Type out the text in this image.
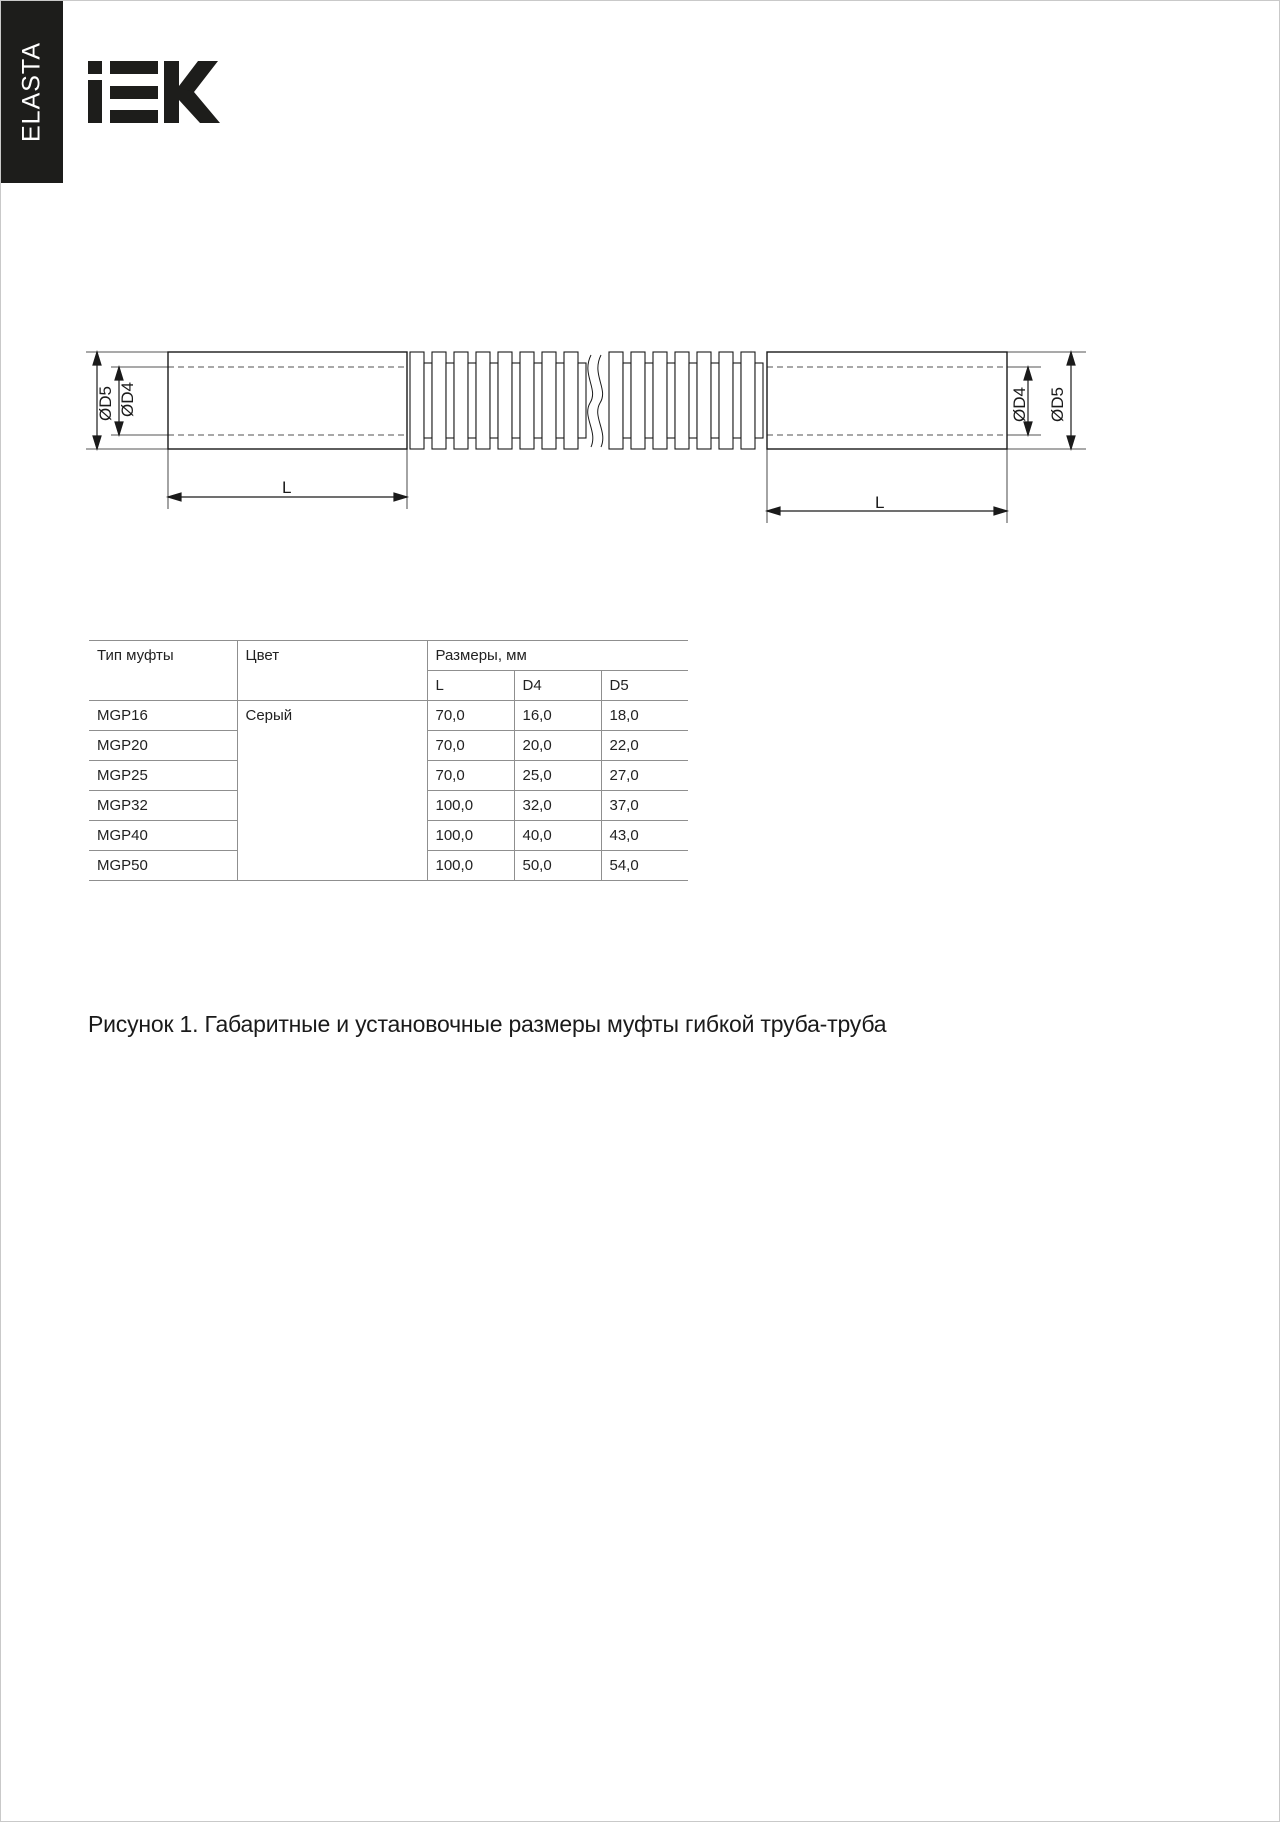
ELASTA
ØD5 ØD4	ØD4 ØD5
L
L
Тип муфты	Цвет	Размеры, мм		
		L	D4	D5
MGP16	Серый	70,0	16,0	18,0
MGP20		70,0	20,0	22,0
MGP25		70,0	25,0	27,0
MGP32		100,0	32,0	37,0
MGP40		100,0	40,0	43,0
MGP50		100,0	50,0	54,0
Рисунок 1. Габаритные и установочные размеры муфты гибкой труба-труба
